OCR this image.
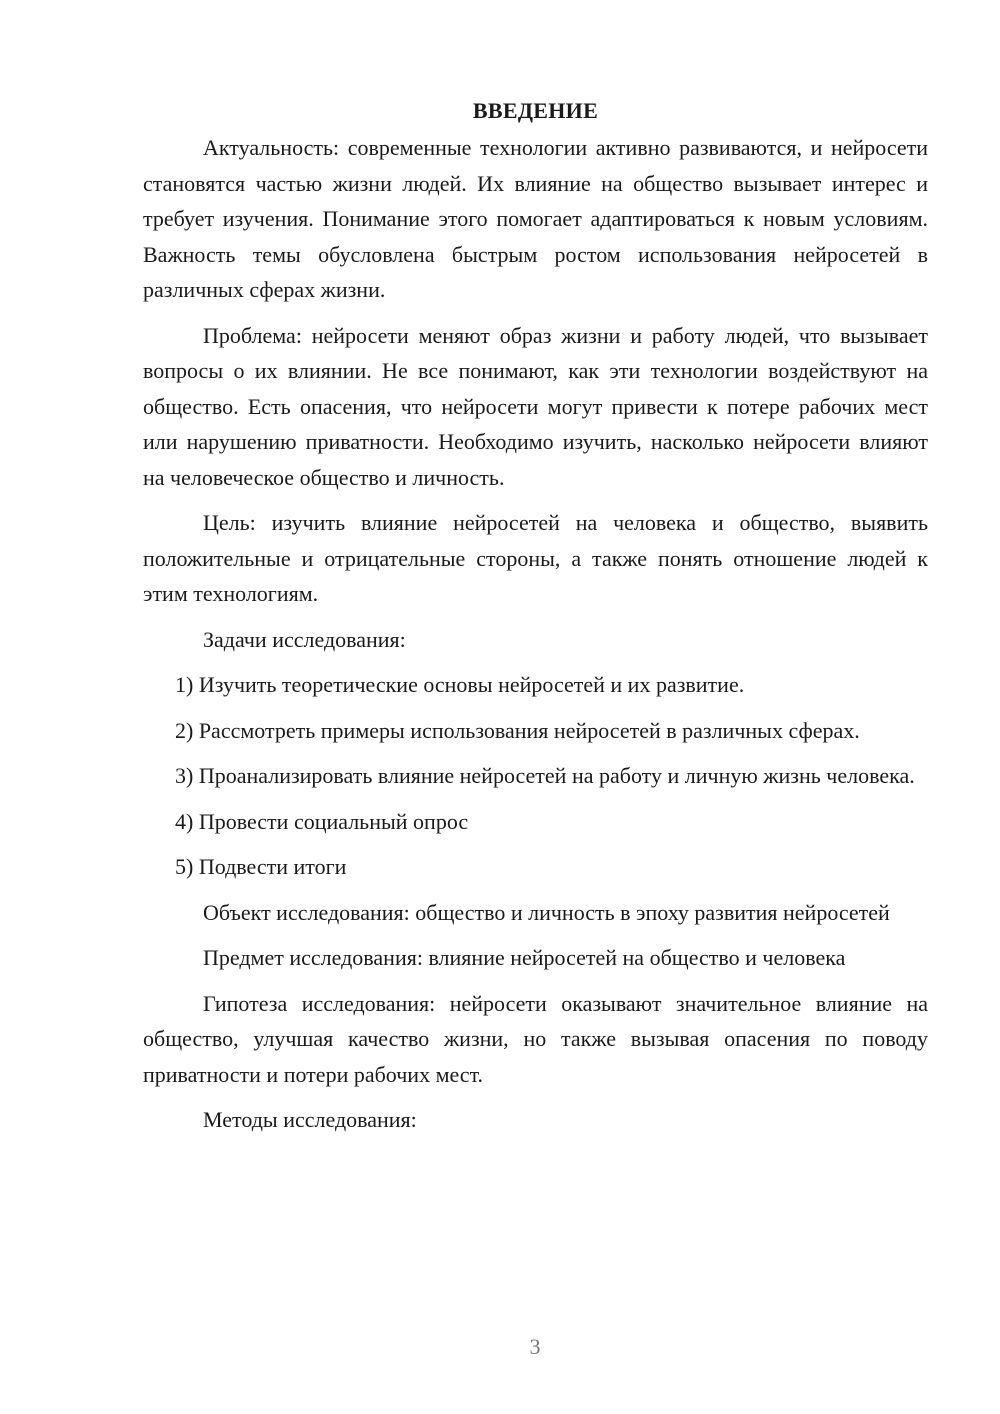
ВВЕДЕНИЕ

Актуальность: современные технологии активно развиваются, и нейросети становятся частью жизни людей. Их влияние на общество вызывает интерес и требует изучения. Понимание этого помогает адаптироваться к новым условиям. Важность темы обусловлена быстрым ростом использования нейросетей в различных сферах жизни.

Проблема: нейросети меняют образ жизни и работу людей, что вызывает вопросы о их влиянии. Не все понимают, как эти технологии воздействуют на общество. Есть опасения, что нейросети могут привести к потере рабочих мест или нарушению приватности. Необходимо изучить, насколько нейросети влияют на человеческое общество и личность.

Цель: изучить влияние нейросетей на человека и общество, выявить положительные и отрицательные стороны, а также понять отношение людей к этим технологиям.

Задачи исследования:

1) Изучить теоретические основы нейросетей и их развитие.

2) Рассмотреть примеры использования нейросетей в различных сферах.

3) Проанализировать влияние нейросетей на работу и личную жизнь человека.

4) Провести социальный опрос

5) Подвести итоги

Объект исследования: общество и личность в эпоху развития нейросетей

Предмет исследования: влияние нейросетей на общество и человека

Гипотеза исследования: нейросети оказывают значительное влияние на общество, улучшая качество жизни, но также вызывая опасения по поводу приватности и потери рабочих мест.

Методы исследования:

3
